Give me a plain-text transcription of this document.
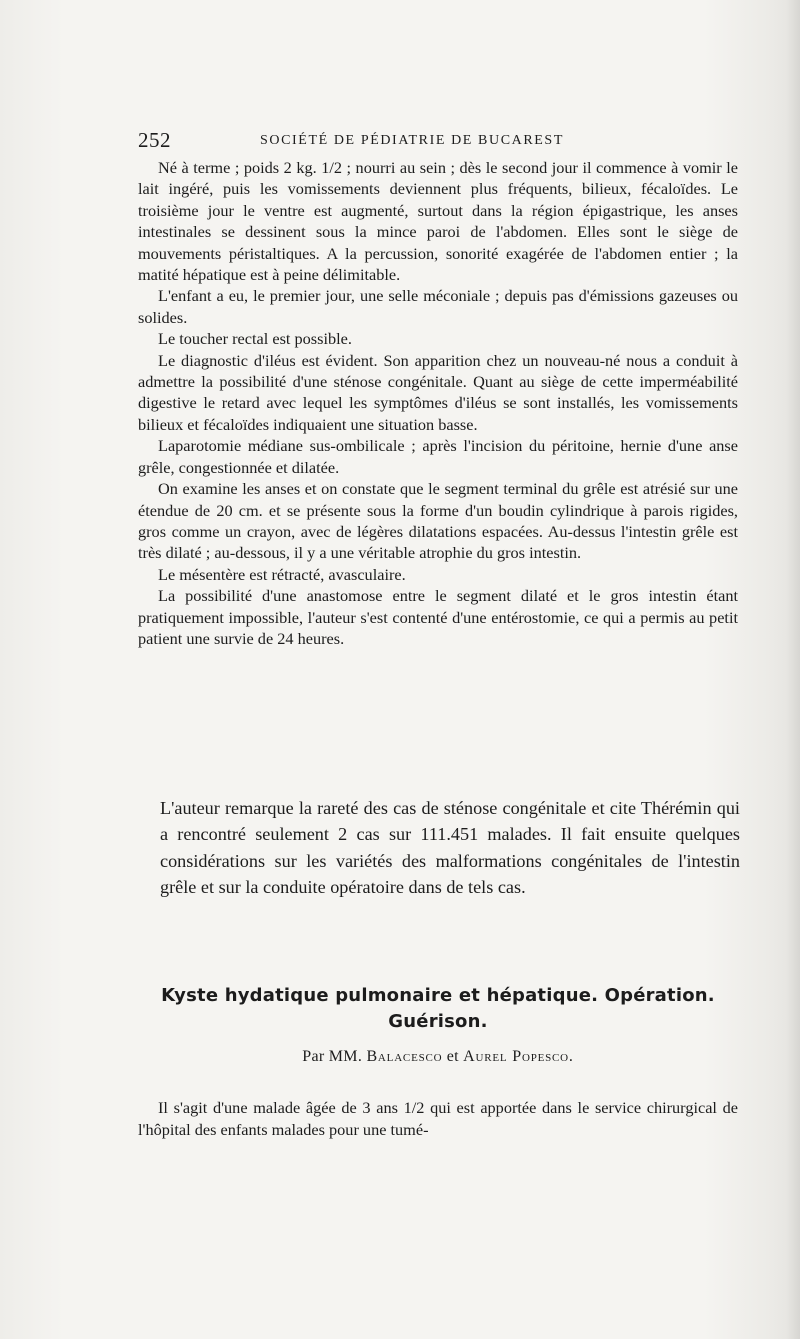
252	SOCIÉTÉ DE PÉDIATRIE DE BUCAREST

Né à terme ; poids 2 kg. 1/2 ; nourri au sein ; dès le second jour il commence à vomir le lait ingéré, puis les vomissements deviennent plus fréquents, bilieux, fécaloïdes. Le troisième jour le ventre est augmenté, surtout dans la région épigastrique, les anses intestinales se dessinent sous la mince paroi de l'abdomen. Elles sont le siège de mouvements péristaltiques. A la percussion, sonorité exagérée de l'abdomen entier ; la matité hépatique est à peine délimitable.

L'enfant a eu, le premier jour, une selle méconiale ; depuis pas d'émissions gazeuses ou solides.

Le toucher rectal est possible.

Le diagnostic d'iléus est évident. Son apparition chez un nouveau-né nous a conduit à admettre la possibilité d'une sténose congénitale. Quant au siège de cette imperméabilité digestive le retard avec lequel les symptômes d'iléus se sont installés, les vomissements bilieux et fécaloïdes indiquaient une situation basse.

Laparotomie médiane sus-ombilicale ; après l'incision du péritoine, hernie d'une anse grêle, congestionnée et dilatée.

On examine les anses et on constate que le segment terminal du grêle est atrésié sur une étendue de 20 cm. et se présente sous la forme d'un boudin cylindrique à parois rigides, gros comme un crayon, avec de légères dilatations espacées. Au-dessus l'intestin grêle est très dilaté ; au-dessous, il y a une véritable atrophie du gros intestin.

Le mésentère est rétracté, avasculaire.

La possibilité d'une anastomose entre le segment dilaté et le gros intestin étant pratiquement impossible, l'auteur s'est contenté d'une entérostomie, ce qui a permis au petit patient une survie de 24 heures.

L'auteur remarque la rareté des cas de sténose congénitale et cite Thérémin qui a rencontré seulement 2 cas sur 111.451 malades. Il fait ensuite quelques considérations sur les variétés des malformations congénitales de l'intestin grêle et sur la conduite opératoire dans de tels cas.

Kyste hydatique pulmonaire et hépatique. Opération. Guérison.
Par MM. Balacesco et Aurel Popesco.

Il s'agit d'une malade âgée de 3 ans 1/2 qui est apportée dans le service chirurgical de l'hôpital des enfants malades pour une tumé-
